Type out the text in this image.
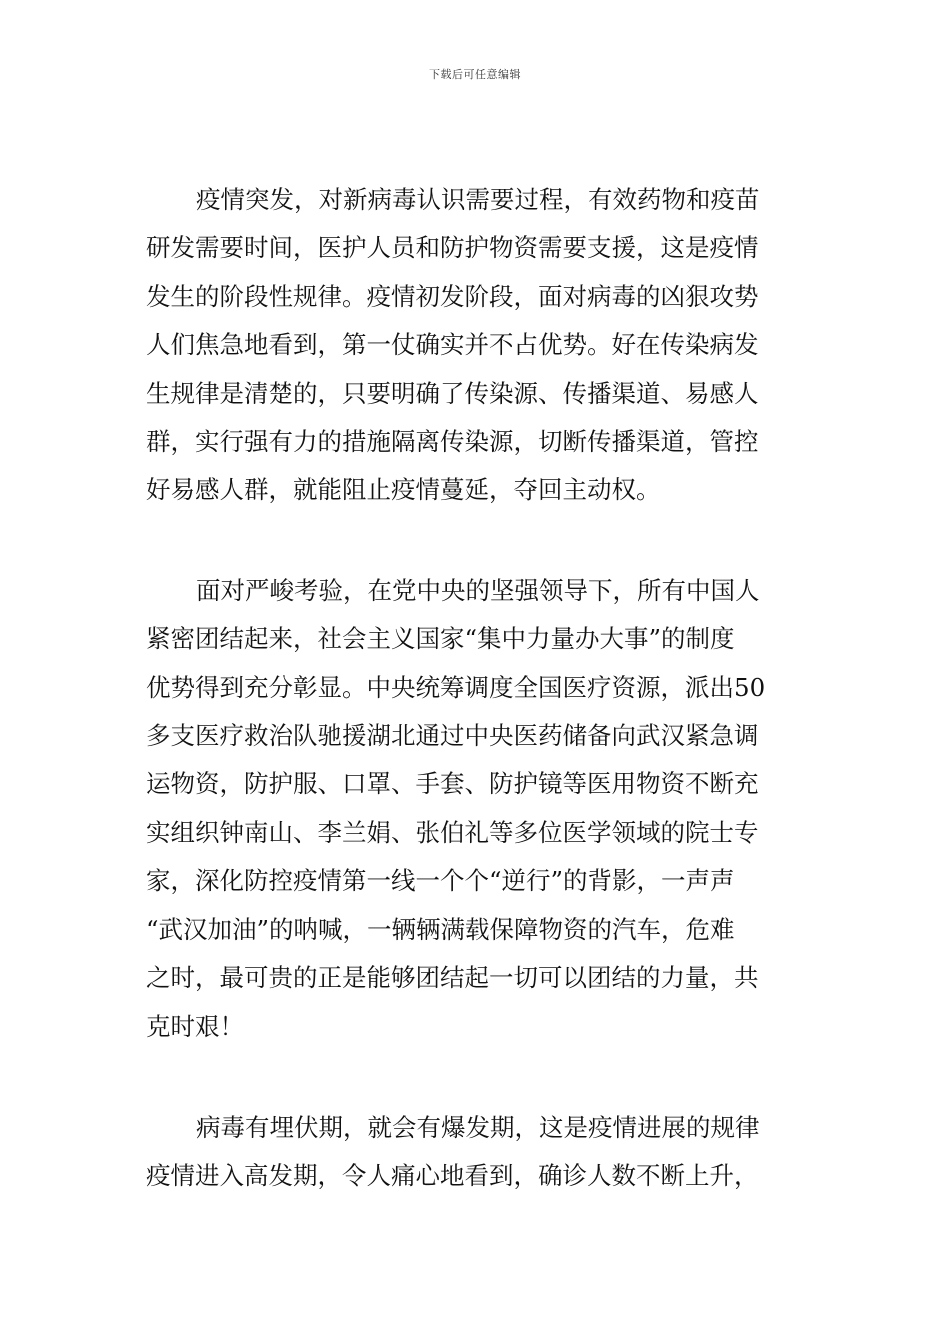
下载后可任意编辑

疫情突发，对新病毒认识需要过程，有效药物和疫苗
研发需要时间，医护人员和防护物资需要支援，这是疫情
发生的阶段性规律。疫情初发阶段，面对病毒的凶狠攻势
人们焦急地看到，第一仗确实并不占优势。好在传染病发
生规律是清楚的，只要明确了传染源、传播渠道、易感人
群，实行强有力的措施隔离传染源，切断传播渠道，管控
好易感人群，就能阻止疫情蔓延，夺回主动权。

面对严峻考验，在党中央的坚强领导下，所有中国人
紧密团结起来，社会主义国家“集中力量办大事”的制度
优势得到充分彰显。中央统筹调度全国医疗资源，派出50
多支医疗救治队驰援湖北通过中央医药储备向武汉紧急调
运物资，防护服、口罩、手套、防护镜等医用物资不断充
实组织钟南山、李兰娟、张伯礼等多位医学领域的院士专
家，深化防控疫情第一线一个个“逆行”的背影，一声声
“武汉加油”的呐喊，一辆辆满载保障物资的汽车，危难
之时，最可贵的正是能够团结起一切可以团结的力量，共
克时艰！

病毒有埋伏期，就会有爆发期，这是疫情进展的规律
疫情进入高发期，令人痛心地看到，确诊人数不断上升，
